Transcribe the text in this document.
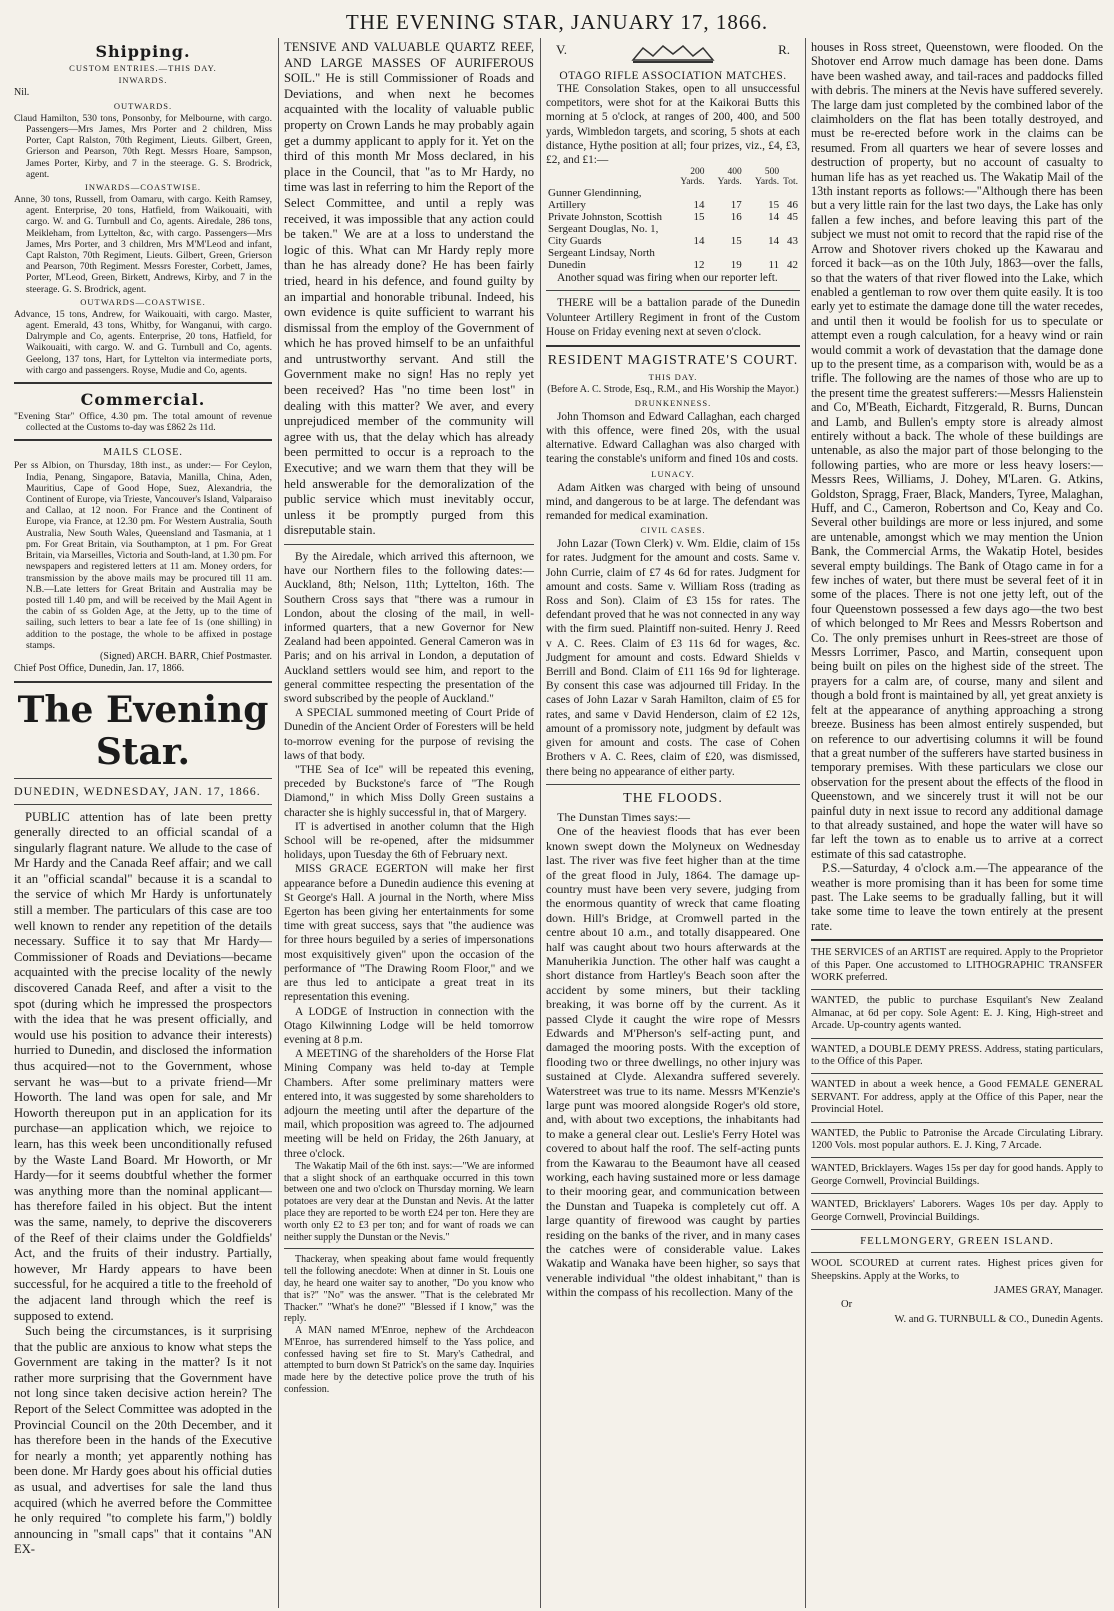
THE EVENING STAR, JANUARY 17, 1866.
Shipping.
CUSTOM ENTRIES.—THIS DAY.
INWARDS.

Nil.

OUTWARDS.

Claud Hamilton, 530 tons, Ponsonby, for Melbourne, with cargo. Passengers—Mrs James, Mrs Porter and 2 children, Miss Porter, Capt Ralston, 70th Regiment, Lieuts. Gilbert, Green, Grierson and Pearson, 70th Regt. Messrs Hoare, Sampson, James Porter, Kirby, and 7 in the steerage. G. S. Brodrick, agent.

INWARDS—COASTWISE.

Anne, 30 tons, Russell, from Oamaru, with cargo. Keith Ramsey, agent. Enterprise, 20 tons, Hatfield, from Waikouaiti, with cargo. W. and G. Turnbull and Co, agents. Airedale, 286 tons, Meikleham, from Lyttelton, &c, with cargo. Passengers—Mrs James, Mrs Porter, and 3 children, Mrs M'M'Leod and infant, Capt Ralston, 70th Regiment, Lieuts. Gilbert, Green, Grierson and Pearson, 70th Regiment. Messrs Forester, Corbett, James, Porter, M'Leod, Green, Birkett, Andrews, Kirby, and 7 in the steerage. G. S. Brodrick, agent.

OUTWARDS—COASTWISE.

Advance, 15 tons, Andrew, for Waikouaiti, with cargo. Master, agent. Emerald, 43 tons, Whitby, for Wanganui, with cargo. Dalrymple and Co, agents. Enterprise, 20 tons, Hatfield, for Waikouaiti, with cargo. W. and G. Turnbull and Co, agents. Geelong, 137 tons, Hart, for Lyttelton via intermediate ports, with cargo and passengers. Royse, Mudie and Co, agents.

Commercial.

"Evening Star" Office, 4.30 pm. The total amount of revenue collected at the Customs to-day was £862 2s 11d.

MAILS CLOSE.

Per ss Albion, on Thursday, 18th inst., as under:— For Ceylon, India, Penang, Singapore, Batavia, Manilla, China, Aden, Mauritius, Cape of Good Hope, Suez, Alexandria, the Continent of Europe, via Trieste, Vancouver's Island, Valparaiso and Callao, at 12 noon. For France and the Continent of Europe, via France, at 12.30 pm. For Western Australia, South Australia, New South Wales, Queensland and Tasmania, at 1 pm. For Great Britain, via Southampton, at 1 pm. For Great Britain, via Marseilles, Victoria and South-land, at 1.30 pm. For newspapers and registered letters at 11 am. Money orders, for transmission by the above mails may be procured till 11 am. N.B.—Late letters for Great Britain and Australia may be posted till 1.40 pm, and will be received by the Mail Agent in the cabin of ss Golden Age, at the Jetty, up to the time of sailing, such letters to bear a late fee of 1s (one shilling) in addition to the postage, the whole to be affixed in postage stamps.

(Signed) ARCH. BARR, Chief Postmaster.

Chief Post Office, Dunedin, Jan. 17, 1866.

The Evening Star.
DUNEDIN, WEDNESDAY, JAN. 17, 1866.

PUBLIC attention has of late been pretty generally directed to an official scandal of a singularly flagrant nature. We allude to the case of Mr Hardy and the Canada Reef affair; and we call it an "official scandal" because it is a scandal to the service of which Mr Hardy is unfortunately still a member. The particulars of this case are too well known to render any repetition of the details necessary. Suffice it to say that Mr Hardy—Commissioner of Roads and Deviations—became acquainted with the precise locality of the newly discovered Canada Reef, and after a visit to the spot (during which he impressed the prospectors with the idea that he was present officially, and would use his position to advance their interests) hurried to Dunedin, and disclosed the information thus acquired—not to the Government, whose servant he was—but to a private friend—Mr Howorth. The land was open for sale, and Mr Howorth thereupon put in an application for its purchase—an application which, we rejoice to learn, has this week been unconditionally refused by the Waste Land Board. Mr Howorth, or Mr Hardy—for it seems doubtful whether the former was anything more than the nominal applicant—has therefore failed in his object. But the intent was the same, namely, to deprive the discoverers of the Reef of their claims under the Goldfields' Act, and the fruits of their industry. Partially, however, Mr Hardy appears to have been successful, for he acquired a title to the freehold of the adjacent land through which the reef is supposed to extend.

Such being the circumstances, is it surprising that the public are anxious to know what steps the Government are taking in the matter? Is it not rather more surprising that the Government have not long since taken decisive action herein? The Report of the Select Committee was adopted in the Provincial Council on the 20th December, and it has therefore been in the hands of the Executive for nearly a month; yet apparently nothing has been done. Mr Hardy goes about his official duties as usual, and advertises for sale the land thus acquired (which he averred before the Committee he only required "to complete his farm,") boldly announcing in "small caps" that it contains "AN EX-

TENSIVE AND VALUABLE QUARTZ REEF, AND LARGE MASSES OF AURIFEROUS SOIL." He is still Commissioner of Roads and Deviations, and when next he becomes acquainted with the locality of valuable public property on Crown Lands he may probably again get a dummy applicant to apply for it. Yet on the third of this month Mr Moss declared, in his place in the Council, that "as to Mr Hardy, no time was last in referring to him the Report of the Select Committee, and until a reply was received, it was impossible that any action could be taken." We are at a loss to understand the logic of this. What can Mr Hardy reply more than he has already done? He has been fairly tried, heard in his defence, and found guilty by an impartial and honorable tribunal. Indeed, his own evidence is quite sufficient to warrant his dismissal from the employ of the Government of which he has proved himself to be an unfaithful and untrustworthy servant. And still the Government make no sign! Has no reply yet been received? Has "no time been lost" in dealing with this matter? We aver, and every unprejudiced member of the community will agree with us, that the delay which has already been permitted to occur is a reproach to the Executive; and we warn them that they will be held answerable for the demoralization of the public service which must inevitably occur, unless it be promptly purged from this disreputable stain.

By the Airedale, which arrived this afternoon, we have our Northern files to the following dates:—Auckland, 8th; Nelson, 11th; Lyttelton, 16th. The Southern Cross says that "there was a rumour in London, about the closing of the mail, in well-informed quarters, that a new Governor for New Zealand had been appointed. General Cameron was in Paris; and on his arrival in London, a deputation of Auckland settlers would see him, and report to the general committee respecting the presentation of the sword subscribed by the people of Auckland."

A SPECIAL summoned meeting of Court Pride of Dunedin of the Ancient Order of Foresters will be held to-morrow evening for the purpose of revising the laws of that body.

"THE Sea of Ice" will be repeated this evening, preceded by Buckstone's farce of "The Rough Diamond," in which Miss Dolly Green sustains a character she is highly successful in, that of Margery.

IT is advertised in another column that the High School will be re-opened, after the midsummer holidays, upon Tuesday the 6th of February next.

MISS GRACE EGERTON will make her first appearance before a Dunedin audience this evening at St George's Hall. A journal in the North, where Miss Egerton has been giving her entertainments for some time with great success, says that "the audience was for three hours beguiled by a series of impersonations most exquisitively given" upon the occasion of the performance of "The Drawing Room Floor," and we are thus led to anticipate a great treat in its representation this evening.

A LODGE of Instruction in connection with the Otago Kilwinning Lodge will be held tomorrow evening at 8 p.m.

A MEETING of the shareholders of the Horse Flat Mining Company was held to-day at Temple Chambers. After some preliminary matters were entered into, it was suggested by some shareholders to adjourn the meeting until after the departure of the mail, which proposition was agreed to. The adjourned meeting will be held on Friday, the 26th January, at three o'clock.

The Wakatip Mail of the 6th inst. says:—"We are informed that a slight shock of an earthquake occurred in this town between one and two o'clock on Thursday morning. We learn potatoes are very dear at the Dunstan and Nevis. At the latter place they are reported to be worth £24 per ton. Here they are worth only £2 to £3 per ton; and for want of roads we can neither supply the Dunstan or the Nevis."

Thackeray, when speaking about fame would frequently tell the following anecdote: When at dinner in St. Louis one day, he heard one waiter say to another, "Do you know who that is?" "No" was the answer. "That is the celebrated Mr Thacker." "What's he done?" "Blessed if I know," was the reply.

A MAN named M'Enroe, nephew of the Archdeacon M'Enroe, has surrendered himself to the Yass police, and confessed having set fire to St. Mary's Cathedral, and attempted to burn down St Patrick's on the same day. Inquiries made here by the detective police prove the truth of his confession.

V.	R.
OTAGO RIFLE ASSOCIATION MATCHES.

THE Consolation Stakes, open to all unsuccessful competitors, were shot for at the Kaikorai Butts this morning at 5 o'clock, at ranges of 200, 400, and 500 yards, Wimbledon targets, and scoring, 5 shots at each distance, Hythe position at all; four prizes, viz., £4, £3, £2, and £1:—

	200 Yards.	400 Yards.	500 Yards.	Tot.
Gunner Glendinning, Artillery	14	17	15	46
Private Johnston, Scottish	15	16	14	45
Sergeant Douglas, No. 1, City Guards	14	15	14	43
Sergeant Lindsay, North Dunedin	12	19	11	42

Another squad was firing when our reporter left.

THERE will be a battalion parade of the Dunedin Volunteer Artillery Regiment in front of the Custom House on Friday evening next at seven o'clock.

RESIDENT MAGISTRATE'S COURT.
THIS DAY.

(Before A. C. Strode, Esq., R.M., and His Worship the Mayor.)

DRUNKENNESS.

John Thomson and Edward Callaghan, each charged with this offence, were fined 20s, with the usual alternative. Edward Callaghan was also charged with tearing the constable's uniform and fined 10s and costs.

LUNACY.

Adam Aitken was charged with being of unsound mind, and dangerous to be at large. The defendant was remanded for medical examination.

CIVIL CASES.

John Lazar (Town Clerk) v. Wm. Eldie, claim of 15s for rates. Judgment for the amount and costs. Same v. John Currie, claim of £7 4s 6d for rates. Judgment for amount and costs. Same v. William Ross (trading as Ross and Son). Claim of £3 15s for rates. The defendant proved that he was not connected in any way with the firm sued. Plaintiff non-suited. Henry J. Reed v A. C. Rees. Claim of £3 11s 6d for wages, &c. Judgment for amount and costs. Edward Shields v Berrill and Bond. Claim of £11 16s 9d for lighterage. By consent this case was adjourned till Friday. In the cases of John Lazar v Sarah Hamilton, claim of £5 for rates, and same v David Henderson, claim of £2 12s, amount of a promissory note, judgment by default was given for amount and costs. The case of Cohen Brothers v A. C. Rees, claim of £20, was dismissed, there being no appearance of either party.

THE FLOODS.

The Dunstan Times says:—

One of the heaviest floods that has ever been known swept down the Molyneux on Wednesday last. The river was five feet higher than at the time of the great flood in July, 1864. The damage up-country must have been very severe, judging from the enormous quantity of wreck that came floating down. Hill's Bridge, at Cromwell parted in the centre about 10 a.m., and totally disappeared. One half was caught about two hours afterwards at the Manuherikia Junction. The other half was caught a short distance from Hartley's Beach soon after the accident by some miners, but their tackling breaking, it was borne off by the current. As it passed Clyde it caught the wire rope of Messrs Edwards and M'Pherson's self-acting punt, and damaged the mooring posts. With the exception of flooding two or three dwellings, no other injury was sustained at Clyde. Alexandra suffered severely. Waterstreet was true to its name. Messrs M'Kenzie's large punt was moored alongside Roger's old store, and, with about two exceptions, the inhabitants had to make a general clear out. Leslie's Ferry Hotel was covered to about half the roof. The self-acting punts from the Kawarau to the Beaumont have all ceased working, each having sustained more or less damage to their mooring gear, and communication between the Dunstan and Tuapeka is completely cut off. A large quantity of firewood was caught by parties residing on the banks of the river, and in many cases the catches were of considerable value. Lakes Wakatip and Wanaka have been higher, so says that venerable individual "the oldest inhabitant," than is within the compass of his recollection. Many of the

houses in Ross street, Queenstown, were flooded. On the Shotover end Arrow much damage has been done. Dams have been washed away, and tail-races and paddocks filled with debris. The miners at the Nevis have suffered severely. The large dam just completed by the combined labor of the claimholders on the flat has been totally destroyed, and must be re-erected before work in the claims can be resumed. From all quarters we hear of severe losses and destruction of property, but no account of casualty to human life has as yet reached us. The Wakatip Mail of the 13th instant reports as follows:—"Although there has been but a very little rain for the last two days, the Lake has only fallen a few inches, and before leaving this part of the subject we must not omit to record that the rapid rise of the Arrow and Shotover rivers choked up the Kawarau and forced it back—as on the 10th July, 1863—over the falls, so that the waters of that river flowed into the Lake, which enabled a gentleman to row over them quite easily. It is too early yet to estimate the damage done till the water recedes, and until then it would be foolish for us to speculate or attempt even a rough calculation, for a heavy wind or rain would commit a work of devastation that the damage done up to the present time, as a comparison with, would be as a trifle. The following are the names of those who are up to the present time the greatest sufferers:—Messrs Halienstein and Co, M'Beath, Eichardt, Fitzgerald, R. Burns, Duncan and Lamb, and Bullen's empty store is already almost entirely without a back. The whole of these buildings are untenable, as also the major part of those belonging to the following parties, who are more or less heavy losers:—Messrs Rees, Williams, J. Dohey, M'Laren. G. Atkins, Goldston, Spragg, Fraer, Black, Manders, Tyree, Malaghan, Huff, and C., Cameron, Robertson and Co, Keay and Co. Several other buildings are more or less injured, and some are untenable, amongst which we may mention the Union Bank, the Commercial Arms, the Wakatip Hotel, besides several empty buildings. The Bank of Otago came in for a few inches of water, but there must be several feet of it in some of the places. There is not one jetty left, out of the four Queenstown possessed a few days ago—the two best of which belonged to Mr Rees and Messrs Robertson and Co. The only premises unhurt in Rees-street are those of Messrs Lorrimer, Pasco, and Martin, consequent upon being built on piles on the highest side of the street. The prayers for a calm are, of course, many and silent and though a bold front is maintained by all, yet great anxiety is felt at the appearance of anything approaching a strong breeze. Business has been almost entirely suspended, but on reference to our advertising columns it will be found that a great number of the sufferers have started business in temporary premises. With these particulars we close our observation for the present about the effects of the flood in Queenstown, and we sincerely trust it will not be our painful duty in next issue to record any additional damage to that already sustained, and hope the water will have so far left the town as to enable us to arrive at a correct estimate of this sad catastrophe.

P.S.—Saturday, 4 o'clock a.m.—The appearance of the weather is more promising than it has been for some time past. The Lake seems to be gradually falling, but it will take some time to leave the town entirely at the present rate.

THE SERVICES of an ARTIST are required. Apply to the Proprietor of this Paper. One accustomed to LITHOGRAPHIC TRANSFER WORK preferred.

WANTED, the public to purchase Esquilant's New Zealand Almanac, at 6d per copy. Sole Agent: E. J. King, High-street and Arcade. Up-country agents wanted.

WANTED, a DOUBLE DEMY PRESS. Address, stating particulars, to the Office of this Paper.

WANTED in about a week hence, a Good FEMALE GENERAL SERVANT. For address, apply at the Office of this Paper, near the Provincial Hotel.

WANTED, the Public to Patronise the Arcade Circulating Library. 1200 Vols. most popular authors. E. J. King, 7 Arcade.

WANTED, Bricklayers. Wages 15s per day for good hands. Apply to George Cornwell, Provincial Buildings.

WANTED, Bricklayers' Laborers. Wages 10s per day. Apply to George Cornwell, Provincial Buildings.

FELLMONGERY, GREEN ISLAND.

WOOL SCOURED at current rates. Highest prices given for Sheepskins. Apply at the Works, to

JAMES GRAY, Manager.

Or

W. and G. TURNBULL & CO., Dunedin Agents.
